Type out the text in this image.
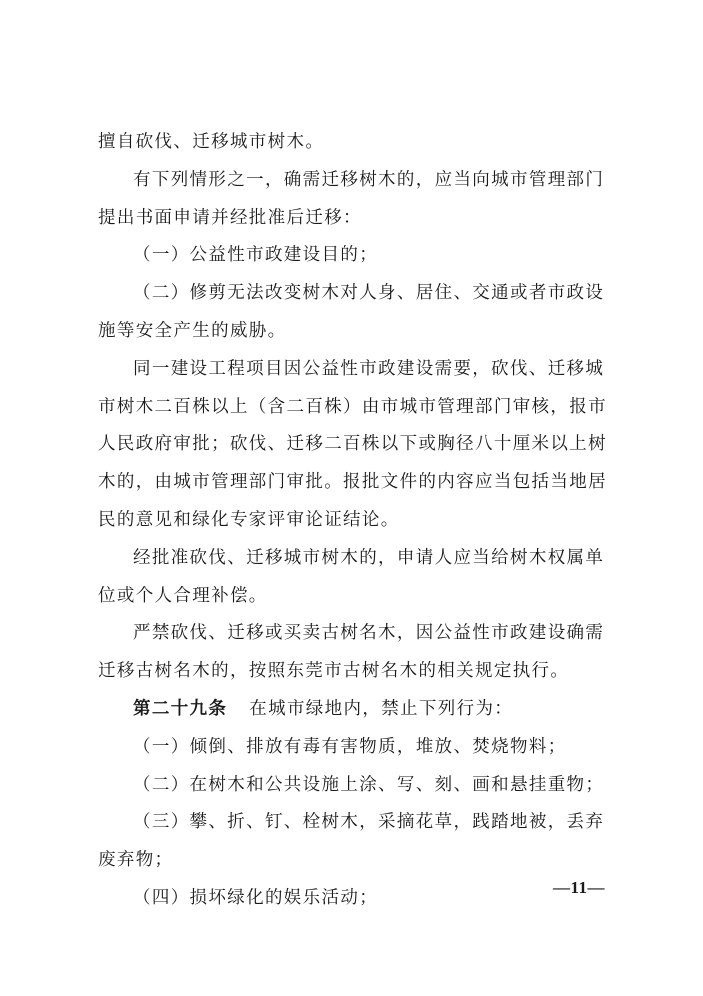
擅自砍伐、迁移城市树木。
有下列情形之一，确需迁移树木的，应当向城市管理部门
提出书面申请并经批准后迁移：
（一）公益性市政建设目的；
（二）修剪无法改变树木对人身、居住、交通或者市政设
施等安全产生的威胁。
同一建设工程项目因公益性市政建设需要，砍伐、迁移城
市树木二百株以上（含二百株）由市城市管理部门审核，报市
人民政府审批；砍伐、迁移二百株以下或胸径八十厘米以上树
木的，由城市管理部门审批。报批文件的内容应当包括当地居
民的意见和绿化专家评审论证结论。
经批准砍伐、迁移城市树木的，申请人应当给树木权属单
位或个人合理补偿。
严禁砍伐、迁移或买卖古树名木，因公益性市政建设确需
迁移古树名木的，按照东莞市古树名木的相关规定执行。
第二十九条 在城市绿地内，禁止下列行为：
（一）倾倒、排放有毒有害物质，堆放、焚烧物料；
（二）在树木和公共设施上涂、写、刻、画和悬挂重物；
（三）攀、折、钉、栓树木，采摘花草，践踏地被，丢弃
废弃物；
（四）损坏绿化的娱乐活动；
—11—
